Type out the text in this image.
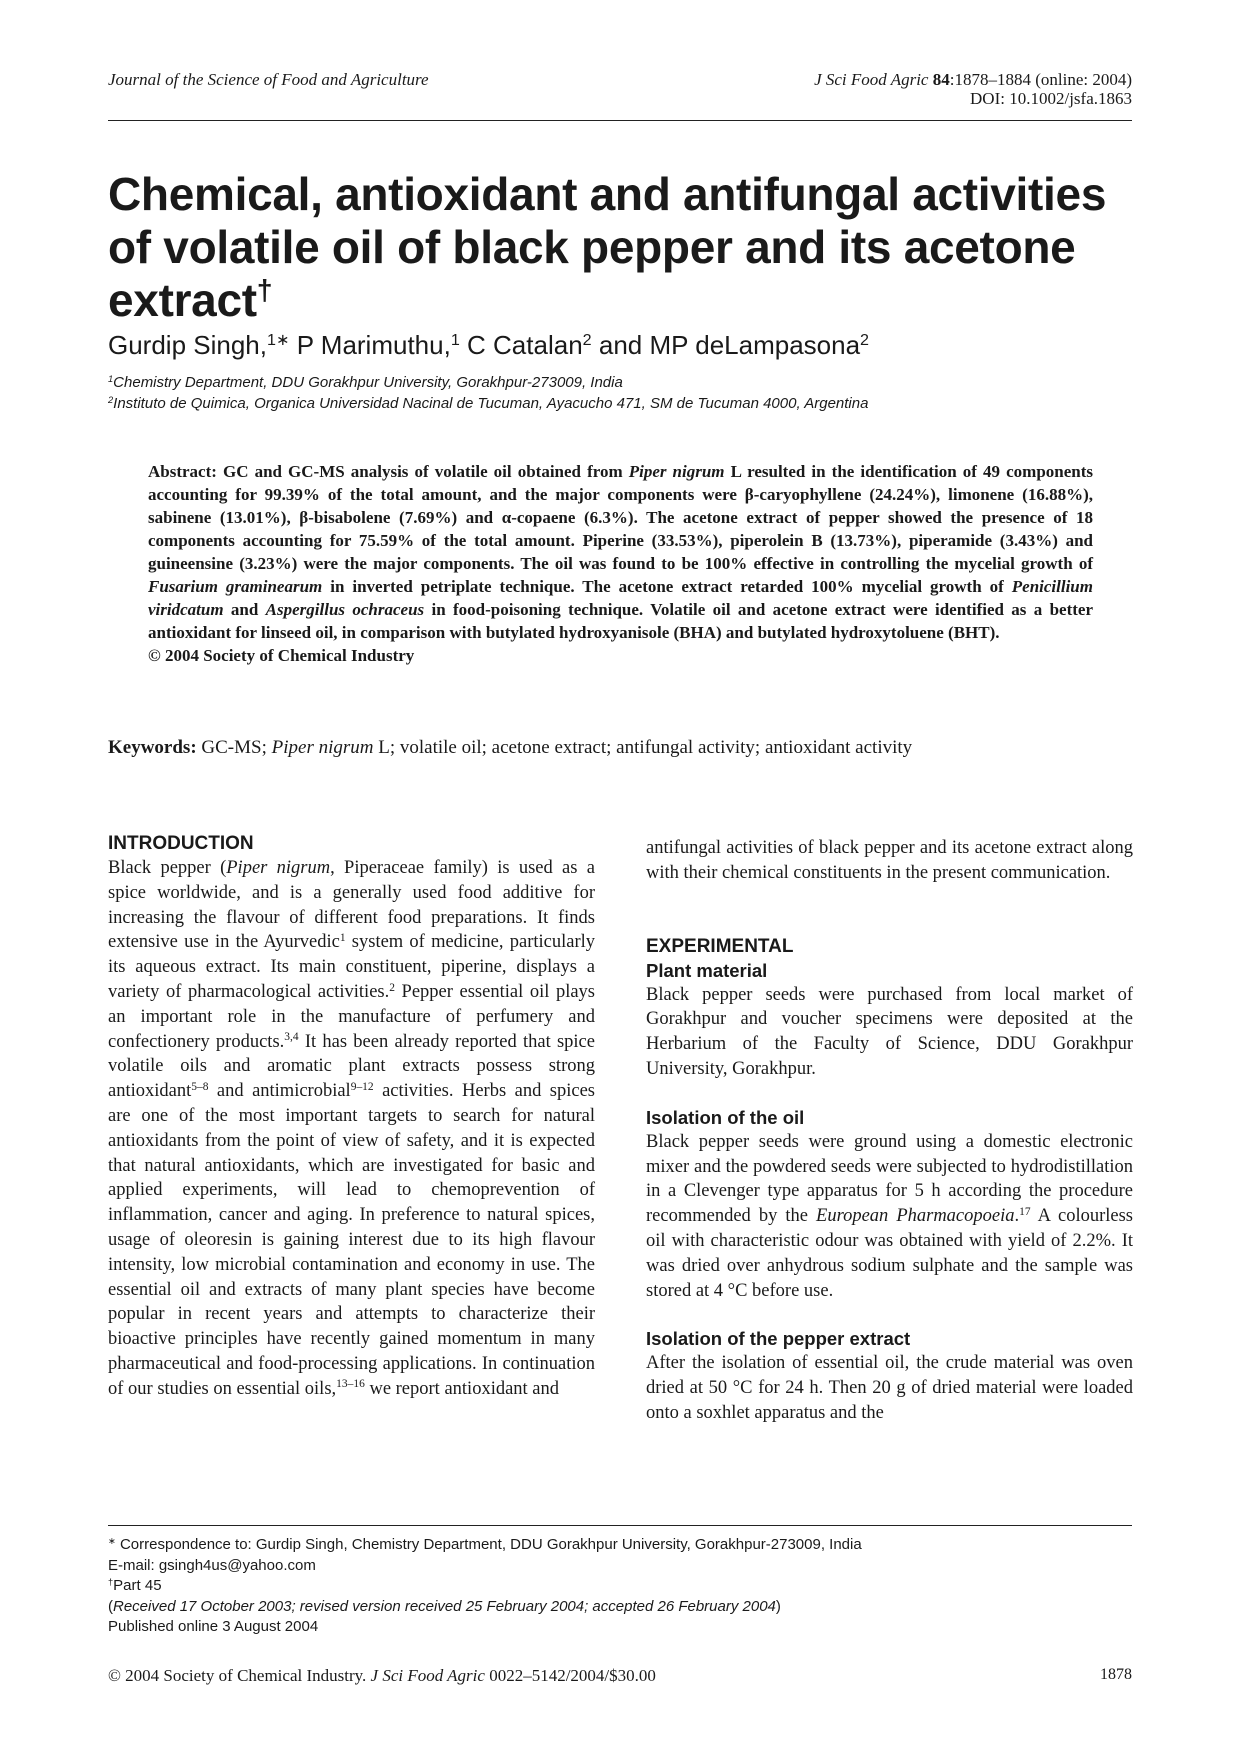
Journal of the Science of Food and Agriculture	J Sci Food Agric 84:1878–1884 (online: 2004)
DOI: 10.1002/jsfa.1863
Chemical, antioxidant and antifungal activities
of volatile oil of black pepper and its acetone
extract†
Gurdip Singh,$^{1∗}$ P Marimuthu,$^1$ C Catalan$^2$ and MP deLampasona$^2$
$^1$Chemistry Department, DDU Gorakhpur University, Gorakhpur-273009, India
$^2$Instituto de Quimica, Organica Universidad Nacinal de Tucuman, Ayacucho 471, SM de Tucuman 4000, Argentina
Abstract: GC and GC-MS analysis of volatile oil obtained from Piper nigrum L resulted in the identification of 49 components accounting for 99.39% of the total amount, and the major components were β-caryophyllene (24.24%), limonene (16.88%), sabinene (13.01%), β-bisabolene (7.69%) and α-copaene (6.3%). The acetone extract of pepper showed the presence of 18 components accounting for 75.59% of the total amount. Piperine (33.53%), piperolein B (13.73%), piperamide (3.43%) and guineensine (3.23%) were the major components. The oil was found to be 100% effective in controlling the mycelial growth of Fusarium graminearum in inverted petriplate technique. The acetone extract retarded 100% mycelial growth of Penicillium viridcatum and Aspergillus ochraceus in food-poisoning technique. Volatile oil and acetone extract were identified as a better antioxidant for linseed oil, in comparison with butylated hydroxyanisole (BHA) and butylated hydroxytoluene (BHT).
© 2004 Society of Chemical Industry
Keywords: GC-MS; Piper nigrum L; volatile oil; acetone extract; antifungal activity; antioxidant activity
INTRODUCTION

Black pepper (Piper nigrum, Piperaceae family) is used as a spice worldwide, and is a generally used food additive for increasing the flavour of different food preparations. It finds extensive use in the Ayurvedic$^1$ system of medicine, particularly its aqueous extract. Its main constituent, piperine, displays a variety of pharmacological activities.$^2$ Pepper essential oil plays an important role in the manufacture of perfumery and confectionery products.$^{3,4}$ It has been already reported that spice volatile oils and aromatic plant extracts possess strong antioxidant$^{5-8}$ and antimicrobial$^{9-12}$ activities. Herbs and spices are one of the most important targets to search for natural antioxidants from the point of view of safety, and it is expected that natural antioxidants, which are investigated for basic and applied experiments, will lead to chemoprevention of inflammation, cancer and aging. In preference to natural spices, usage of oleoresin is gaining interest due to its high flavour intensity, low microbial contamination and economy in use. The essential oil and extracts of many plant species have become popular in recent years and attempts to characterize their bioactive principles have recently gained momentum in many pharmaceutical and food-processing applications. In continuation of our studies on essential oils,$^{13-16}$ we report antioxidant and

antifungal activities of black pepper and its acetone extract along with their chemical constituents in the present communication.

EXPERIMENTAL
Plant material

Black pepper seeds were purchased from local market of Gorakhpur and voucher specimens were deposited at the Herbarium of the Faculty of Science, DDU Gorakhpur University, Gorakhpur.

Isolation of the oil

Black pepper seeds were ground using a domestic electronic mixer and the powdered seeds were subjected to hydrodistillation in a Clevenger type apparatus for 5 h according the procedure recommended by the European Pharmacopoeia.$^{17}$ A colourless oil with characteristic odour was obtained with yield of 2.2%. It was dried over anhydrous sodium sulphate and the sample was stored at 4 °C before use.

Isolation of the pepper extract

After the isolation of essential oil, the crude material was oven dried at 50 °C for 24 h. Then 20 g of dried material were loaded onto a soxhlet apparatus and the

∗ Correspondence to: Gurdip Singh, Chemistry Department, DDU Gorakhpur University, Gorakhpur-273009, India
E-mail: gsingh4us@yahoo.com
†Part 45
(Received 17 October 2003; revised version received 25 February 2004; accepted 26 February 2004)
Published online 3 August 2004
© 2004 Society of Chemical Industry. J Sci Food Agric 0022–5142/2004/$30.00	1878
